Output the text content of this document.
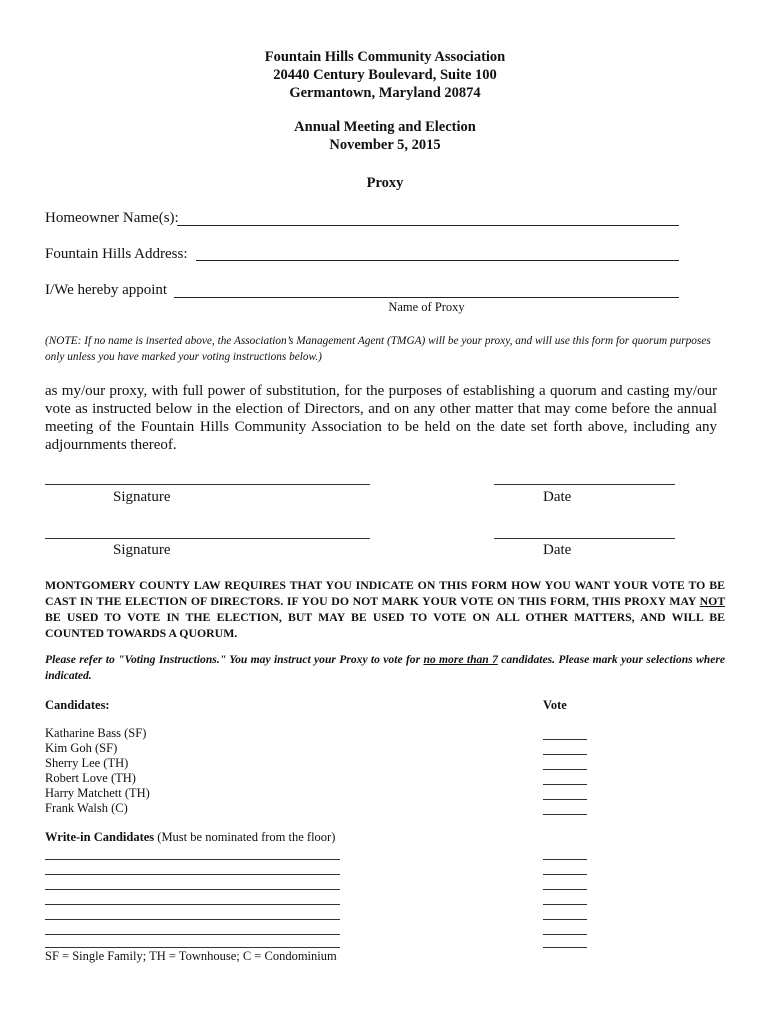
Fountain Hills Community Association
20440 Century Boulevard, Suite 100
Germantown, Maryland 20874
Annual Meeting and Election
November 5, 2015
Proxy
Homeowner Name(s):
Fountain Hills Address:
I/We hereby appoint
Name of Proxy
(NOTE: If no name is inserted above, the Association’s Management Agent (TMGA) will be your proxy, and will use this form for quorum purposes only unless you have marked your voting instructions below.)
as my/our proxy, with full power of substitution, for the purposes of establishing a quorum and casting my/our vote as instructed below in the election of Directors, and on any other matter that may come before the annual meeting of the Fountain Hills Community Association to be held on the date set forth above, including any adjournments thereof.
Signature	Date
Signature	Date
MONTGOMERY COUNTY LAW REQUIRES THAT YOU INDICATE ON THIS FORM HOW YOU WANT YOUR VOTE TO BE CAST IN THE ELECTION OF DIRECTORS. IF YOU DO NOT MARK YOUR VOTE ON THIS FORM, THIS PROXY MAY NOT BE USED TO VOTE IN THE ELECTION, BUT MAY BE USED TO VOTE ON ALL OTHER MATTERS, AND WILL BE COUNTED TOWARDS A QUORUM.
Please refer to "Voting Instructions." You may instruct your Proxy to vote for no more than 7 candidates. Please mark your selections where indicated.
Candidates:	Vote
Katharine Bass (SF)
Kim Goh (SF)
Sherry Lee (TH)
Robert Love (TH)
Harry Matchett (TH)
Frank Walsh (C)
Write-in Candidates (Must be nominated from the floor)
SF = Single Family; TH = Townhouse; C = Condominium
